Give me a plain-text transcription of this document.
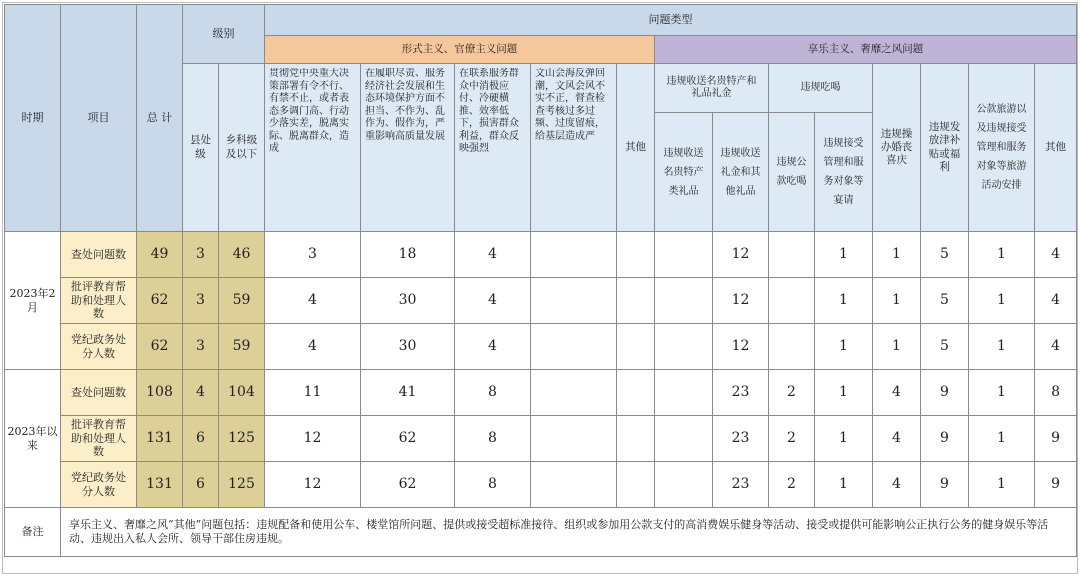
时期	项目	总 计	级别		问题类型												
					形式主义、官僚主义问题					享乐主义、奢靡之风问题							
			县处级	乡科级及以下	贯彻党中央重大决策部署有令不行、有禁不止，或者表态多调门高、行动少落实差，脱离实际、脱离群众，造成	在履职尽责、服务经济社会发展和生态环境保护方面不担当、不作为、乱作为、假作为，严重影响高质量发展	在联系服务群众中消极应付、冷硬横推、效率低下，损害群众利益，群众反映强烈	文山会海反弹回潮，文风会风不实不正，督查检查考核过多过频、过度留痕，给基层造成严	其他	违规收送名贵特产和礼品礼金		违规吃喝		违规操办婚丧喜庆	违规发放津补贴或福利	公款旅游以及违规接受管理和服务对象等旅游活动安排	其他
										违规收送名贵特产类礼品	违规收送礼金和其他礼品	违规公款吃喝	违规接受管理和服务对象等宴请				
2023年2月	查处问题数	49	3	46	3	18	4				12		1	1	5	1	4
	批评教育帮助和处理人数	62	3	59	4	30	4				12		1	1	5	1	4
	党纪政务处分人数	62	3	59	4	30	4				12		1	1	5	1	4
2023年以来	查处问题数	108	4	104	11	41	8				23	2	1	4	9	1	8
	批评教育帮助和处理人数	131	6	125	12	62	8				23	2	1	4	9	1	9
	党纪政务处分人数	131	6	125	12	62	8				23	2	1	4	9	1	9
备注	享乐主义、奢靡之风“其他”问题包括：违规配备和使用公车、楼堂馆所问题、提供或接受超标准接待、组织或参加用公款支付的高消费娱乐健身等活动、接受或提供可能影响公正执行公务的健身娱乐等活动、违规出入私人会所、领导干部住房违规。																
